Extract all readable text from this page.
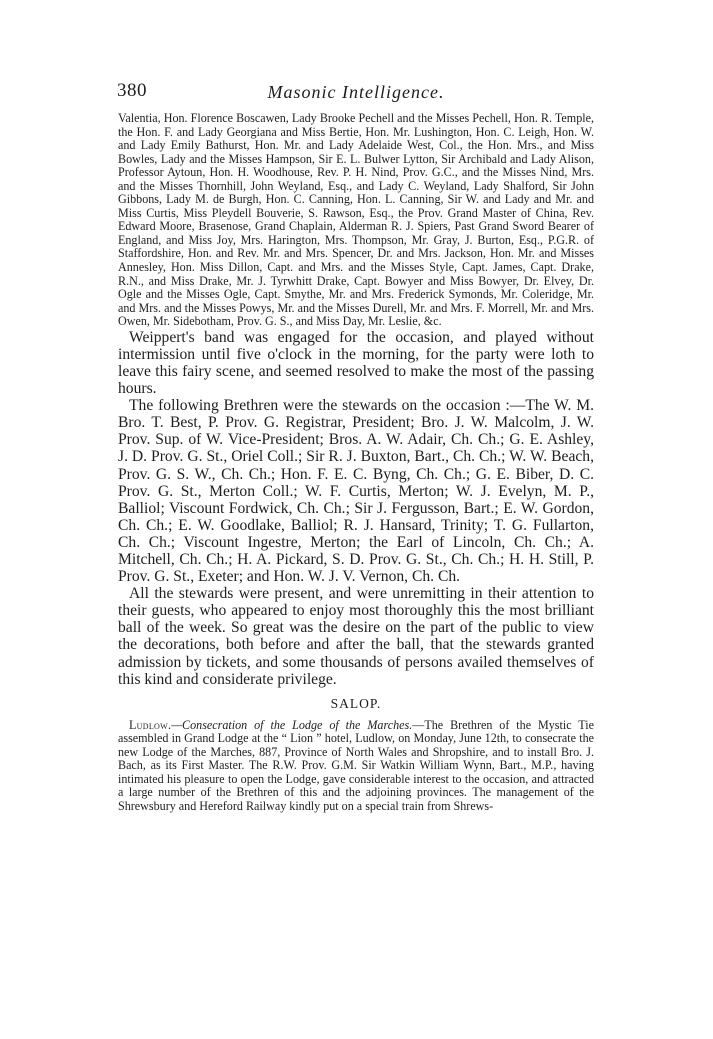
380	Masonic Intelligence.

Valentia, Hon. Florence Boscawen, Lady Brooke Pechell and the Misses Pechell, Hon. R. Temple, the Hon. F. and Lady Georgiana and Miss Bertie, Hon. Mr. Lushington, Hon. C. Leigh, Hon. W. and Lady Emily Bathurst, Hon. Mr. and Lady Adelaide West, Col., the Hon. Mrs., and Miss Bowles, Lady and the Misses Hampson, Sir E. L. Bulwer Lytton, Sir Archibald and Lady Alison, Professor Aytoun, Hon. H. Woodhouse, Rev. P. H. Nind, Prov. G.C., and the Misses Nind, Mrs. and the Misses Thornhill, John Weyland, Esq., and Lady C. Weyland, Lady Shalford, Sir John Gibbons, Lady M. de Burgh, Hon. C. Canning, Hon. L. Canning, Sir W. and Lady and Mr. and Miss Curtis, Miss Pleydell Bouverie, S. Rawson, Esq., the Prov. Grand Master of China, Rev. Edward Moore, Brasenose, Grand Chaplain, Alderman R. J. Spiers, Past Grand Sword Bearer of England, and Miss Joy, Mrs. Harington, Mrs. Thompson, Mr. Gray, J. Burton, Esq., P.G.R. of Staffordshire, Hon. and Rev. Mr. and Mrs. Spencer, Dr. and Mrs. Jackson, Hon. Mr. and Misses Annesley, Hon. Miss Dillon, Capt. and Mrs. and the Misses Style, Capt. James, Capt. Drake, R.N., and Miss Drake, Mr. J. Tyrwhitt Drake, Capt. Bowyer and Miss Bowyer, Dr. Elvey, Dr. Ogle and the Misses Ogle, Capt. Smythe, Mr. and Mrs. Frederick Symonds, Mr. Coleridge, Mr. and Mrs. and the Misses Powys, Mr. and the Misses Durell, Mr. and Mrs. F. Morrell, Mr. and Mrs. Owen, Mr. Sidebotham, Prov. G. S., and Miss Day, Mr. Leslie, &c.

Weippert's band was engaged for the occasion, and played without intermission until five o'clock in the morning, for the party were loth to leave this fairy scene, and seemed resolved to make the most of the passing hours.

The following Brethren were the stewards on the occasion :—The W. M. Bro. T. Best, P. Prov. G. Registrar, President; Bro. J. W. Malcolm, J. W. Prov. Sup. of W. Vice-President; Bros. A. W. Adair, Ch. Ch.; G. E. Ashley, J. D. Prov. G. St., Oriel Coll.; Sir R. J. Buxton, Bart., Ch. Ch.; W. W. Beach, Prov. G. S. W., Ch. Ch.; Hon. F. E. C. Byng, Ch. Ch.; G. E. Biber, D. C. Prov. G. St., Merton Coll.; W. F. Curtis, Merton; W. J. Evelyn, M. P., Balliol; Viscount Fordwick, Ch. Ch.; Sir J. Fergusson, Bart.; E. W. Gordon, Ch. Ch.; E. W. Goodlake, Balliol; R. J. Hansard, Trinity; T. G. Fullarton, Ch. Ch.; Viscount Ingestre, Merton; the Earl of Lincoln, Ch. Ch.; A. Mitchell, Ch. Ch.; H. A. Pickard, S. D. Prov. G. St., Ch. Ch.; H. H. Still, P. Prov. G. St., Exeter; and Hon. W. J. V. Vernon, Ch. Ch.

All the stewards were present, and were unremitting in their attention to their guests, who appeared to enjoy most thoroughly this the most brilliant ball of the week. So great was the desire on the part of the public to view the decorations, both before and after the ball, that the stewards granted admission by tickets, and some thousands of persons availed themselves of this kind and considerate privilege.

SALOP.

Ludlow.—Consecration of the Lodge of the Marches.—The Brethren of the Mystic Tie assembled in Grand Lodge at the “ Lion ” hotel, Ludlow, on Monday, June 12th, to consecrate the new Lodge of the Marches, 887, Province of North Wales and Shropshire, and to install Bro. J. Bach, as its First Master. The R.W. Prov. G.M. Sir Watkin William Wynn, Bart., M.P., having intimated his pleasure to open the Lodge, gave considerable interest to the occasion, and attracted a large number of the Brethren of this and the adjoining provinces. The management of the Shrewsbury and Hereford Railway kindly put on a special train from Shrews-
